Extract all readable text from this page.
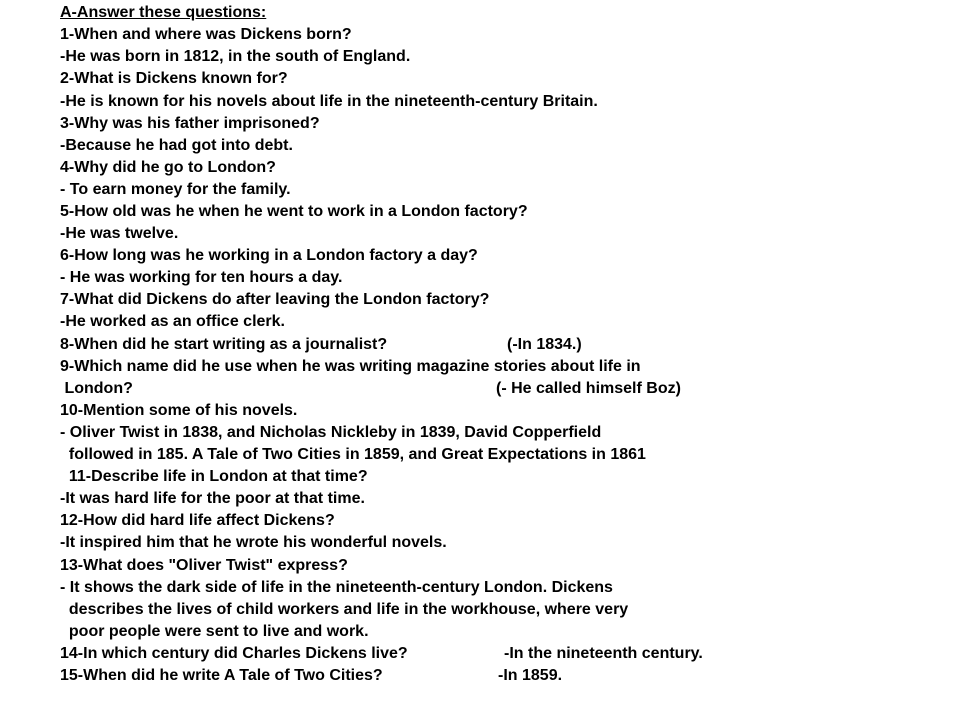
A-Answer these questions:
1-When and where was Dickens born?
-He was born in 1812, in the south of England.
2-What is Dickens known for?
-He is known for his novels about life in the nineteenth-century Britain.
3-Why was his father imprisoned?
-Because he had got into debt.
4-Why did he go to London?
- To earn money for the family.
5-How old was he when he went to work in a London factory?
-He was twelve.
6-How long was he working in a London factory a day?
- He was working for ten hours a day.
7-What did Dickens do after leaving the London factory?
-He worked as an office clerk.
8-When did he start writing as a journalist?	(-In 1834.)
9-Which name did he use when he was writing magazine stories about life in
London?	(- He called himself Boz)
10-Mention some of his novels.
- Oliver Twist in 1838, and Nicholas Nickleby in 1839, David Copperfield
followed in 185. A Tale of Two Cities in 1859, and Great Expectations in 1861
11-Describe life in London at that time?
-It was hard life for the poor at that time.
12-How did hard life affect Dickens?
-It inspired him that he wrote his wonderful novels.
13-What does "Oliver Twist" express?
- It shows the dark side of life in the nineteenth-century London. Dickens
describes the lives of child workers and life in the workhouse, where very
poor people were sent to live and work.
14-In which century did Charles Dickens live?	-In the nineteenth century.
15-When did he write A Tale of Two Cities?	-In 1859.
